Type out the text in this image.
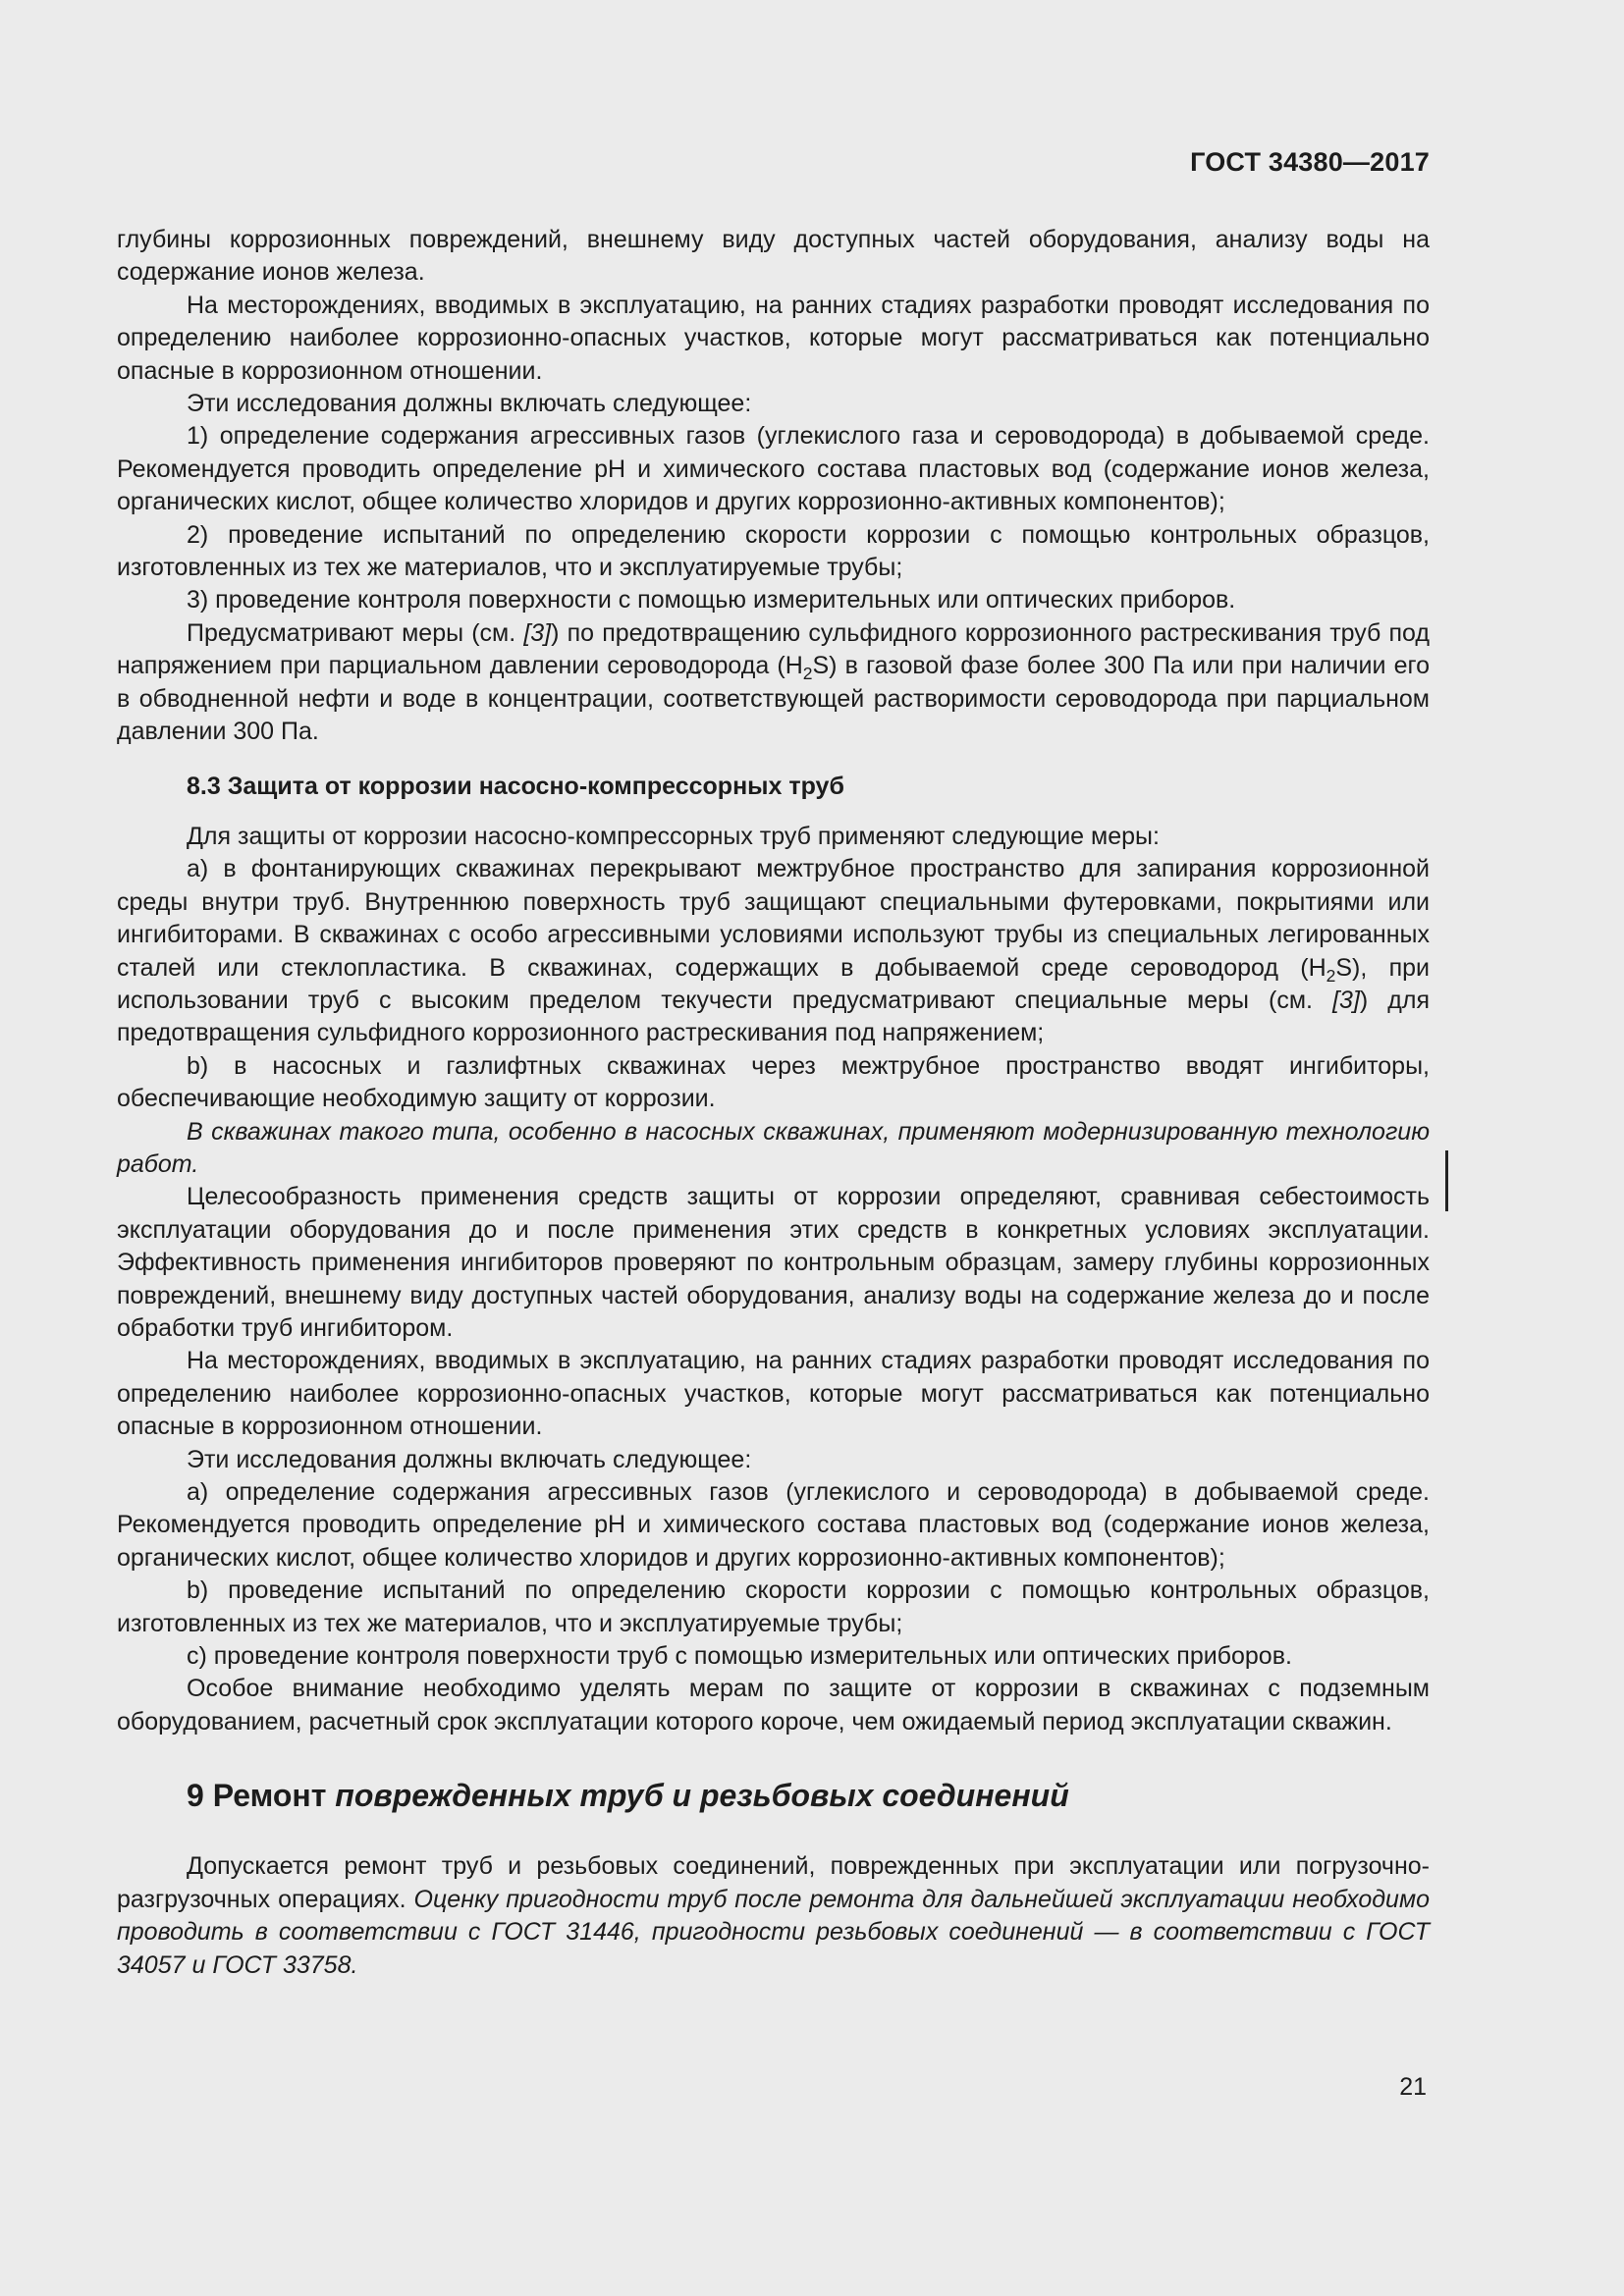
ГОСТ 34380—2017

глубины коррозионных повреждений, внешнему виду доступных частей оборудования, анализу воды на содержание ионов железа.

На месторождениях, вводимых в эксплуатацию, на ранних стадиях разработки проводят исследования по определению наиболее коррозионно-опасных участков, которые могут рассматриваться как потенциально опасные в коррозионном отношении.

Эти исследования должны включать следующее:

1) определение содержания агрессивных газов (углекислого газа и сероводорода) в добываемой среде. Рекомендуется проводить определение pH и химического состава пластовых вод (содержание ионов железа, органических кислот, общее количество хлоридов и других коррозионно-активных компонентов);

2) проведение испытаний по определению скорости коррозии с помощью контрольных образцов, изготовленных из тех же материалов, что и эксплуатируемые трубы;

3) проведение контроля поверхности с помощью измерительных или оптических приборов.

Предусматривают меры (см. [3]) по предотвращению сульфидного коррозионного растрескивания труб под напряжением при парциальном давлении сероводорода $(H_2S)$ в газовой фазе более 300 Па или при наличии его в обводненной нефти и воде в концентрации, соответствующей растворимости сероводорода при парциальном давлении 300 Па.

8.3 Защита от коррозии насосно-компрессорных труб

Для защиты от коррозии насосно-компрессорных труб применяют следующие меры:

a) в фонтанирующих скважинах перекрывают межтрубное пространство для запирания коррозионной среды внутри труб. Внутреннюю поверхность труб защищают специальными футеровками, покрытиями или ингибиторами. В скважинах с особо агрессивными условиями используют трубы из специальных легированных сталей или стеклопластика. В скважинах, содержащих в добываемой среде сероводород $(H_2S)$, при использовании труб с высоким пределом текучести предусматривают специальные меры (см. [3]) для предотвращения сульфидного коррозионного растрескивания под напряжением;

b) в насосных и газлифтных скважинах через межтрубное пространство вводят ингибиторы, обеспечивающие необходимую защиту от коррозии.

В скважинах такого типа, особенно в насосных скважинах, применяют модернизированную технологию работ.

Целесообразность применения средств защиты от коррозии определяют, сравнивая себестоимость эксплуатации оборудования до и после применения этих средств в конкретных условиях эксплуатации. Эффективность применения ингибиторов проверяют по контрольным образцам, замеру глубины коррозионных повреждений, внешнему виду доступных частей оборудования, анализу воды на содержание железа до и после обработки труб ингибитором.

На месторождениях, вводимых в эксплуатацию, на ранних стадиях разработки проводят исследования по определению наиболее коррозионно-опасных участков, которые могут рассматриваться как потенциально опасные в коррозионном отношении.

Эти исследования должны включать следующее:

a) определение содержания агрессивных газов (углекислого и сероводорода) в добываемой среде. Рекомендуется проводить определение pH и химического состава пластовых вод (содержание ионов железа, органических кислот, общее количество хлоридов и других коррозионно-активных компонентов);

b) проведение испытаний по определению скорости коррозии с помощью контрольных образцов, изготовленных из тех же материалов, что и эксплуатируемые трубы;

c) проведение контроля поверхности труб с помощью измерительных или оптических приборов.

Особое внимание необходимо уделять мерам по защите от коррозии в скважинах с подземным оборудованием, расчетный срок эксплуатации которого короче, чем ожидаемый период эксплуатации скважин.

9 Ремонт поврежденных труб и резьбовых соединений

Допускается ремонт труб и резьбовых соединений, поврежденных при эксплуатации или погрузочно-разгрузочных операциях. Оценку пригодности труб после ремонта для дальнейшей эксплуатации необходимо проводить в соответствии с ГОСТ 31446, пригодности резьбовых соединений — в соответствии с ГОСТ 34057 и ГОСТ 33758.

21
